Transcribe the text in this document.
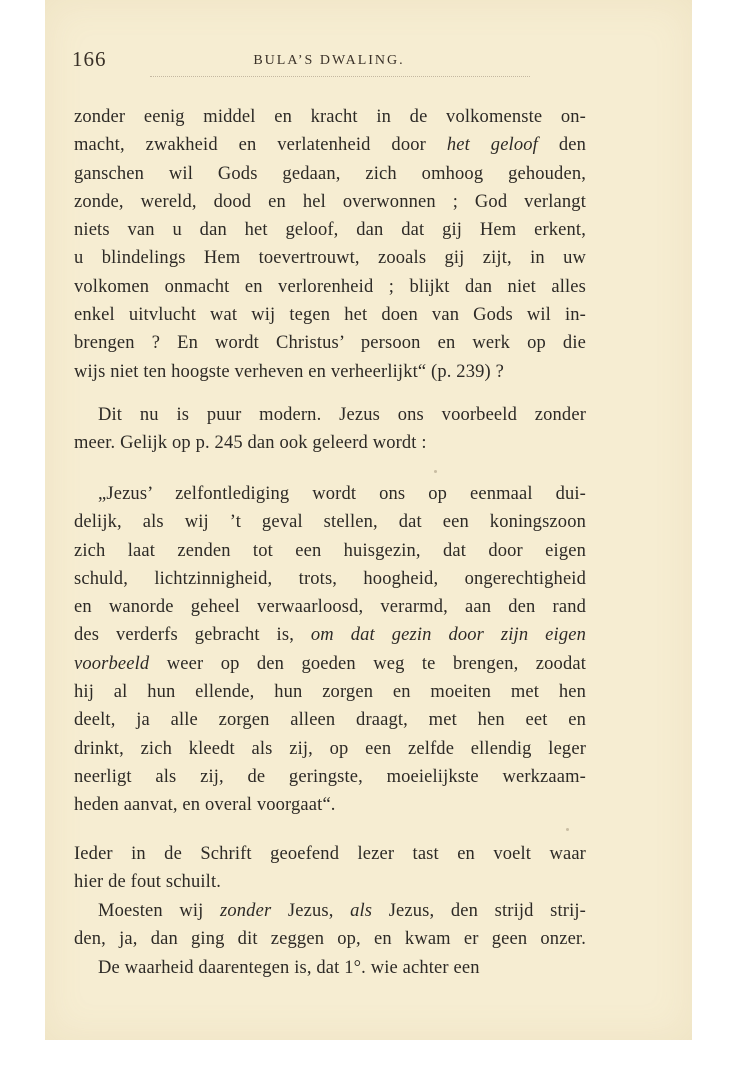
166	BULA’S DWALING.
zonder eenig middel en kracht in de volkomenste on-
macht, zwakheid en verlatenheid door het geloof den
ganschen wil Gods gedaan, zich omhoog gehouden,
zonde, wereld, dood en hel overwonnen ; God verlangt
niets van u dan het geloof, dan dat gij Hem erkent,
u blindelings Hem toevertrouwt, zooals gij zijt, in uw
volkomen onmacht en verlorenheid ; blijkt dan niet alles
enkel uitvlucht wat wij tegen het doen van Gods wil in-
brengen ? En wordt Christus’ persoon en werk op die
wijs niet ten hoogste verheven en verheerlijkt“ (p. 239) ?
Dit nu is puur modern. Jezus ons voorbeeld zonder
meer. Gelijk op p. 245 dan ook geleerd wordt :
„Jezus’ zelfontlediging wordt ons op eenmaal dui-
delijk, als wij ’t geval stellen, dat een koningszoon
zich laat zenden tot een huisgezin, dat door eigen
schuld, lichtzinnigheid, trots, hoogheid, ongerechtigheid
en wanorde geheel verwaarloosd, verarmd, aan den rand
des verderfs gebracht is, om dat gezin door zijn eigen
voorbeeld weer op den goeden weg te brengen, zoodat
hij al hun ellende, hun zorgen en moeiten met hen
deelt, ja alle zorgen alleen draagt, met hen eet en
drinkt, zich kleedt als zij, op een zelfde ellendig leger
neerligt als zij, de geringste, moeielijkste werkzaam-
heden aanvat, en overal voorgaat“.
Ieder in de Schrift geoefend lezer tast en voelt waar
hier de fout schuilt.
Moesten wij zonder Jezus, als Jezus, den strijd strij-
den, ja, dan ging dit zeggen op, en kwam er geen onzer.
De waarheid daarentegen is, dat 1°. wie achter een
